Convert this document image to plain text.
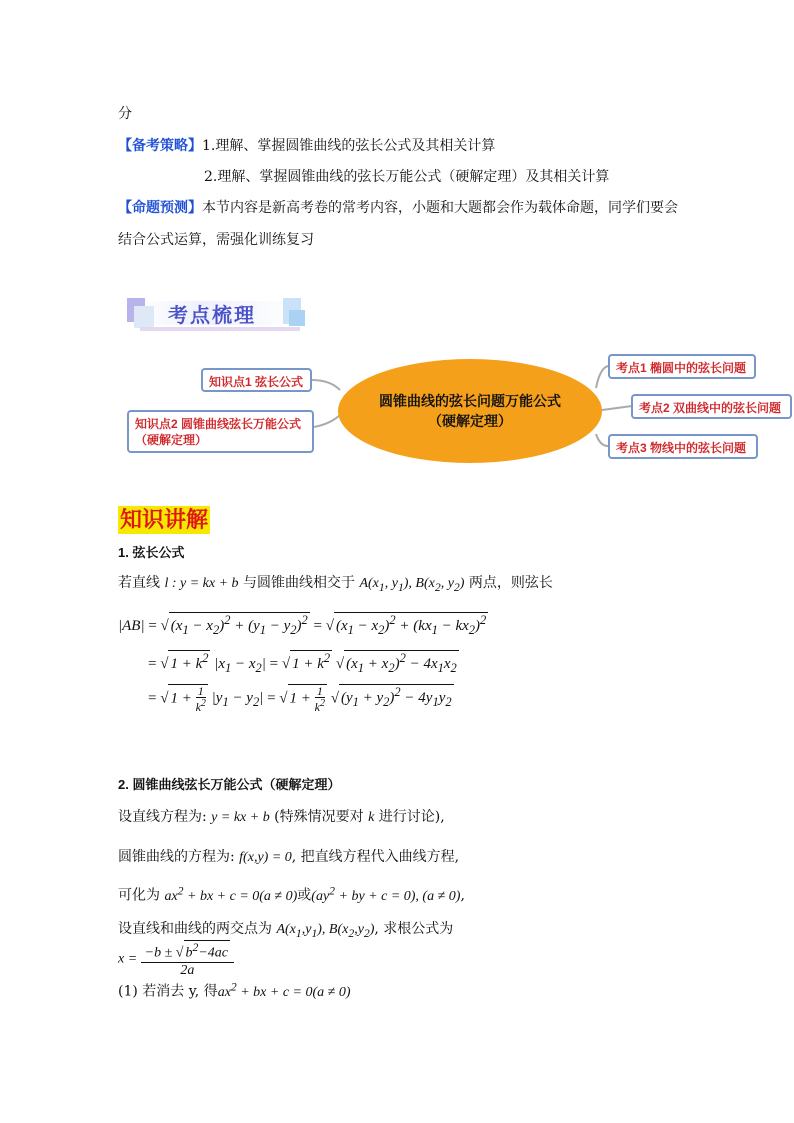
分
【备考策略】1.理解、掌握圆锥曲线的弦长公式及其相关计算
2.理解、掌握圆锥曲线的弦长万能公式（硬解定理）及其相关计算
【命题预测】本节内容是新高考卷的常考内容，小题和大题都会作为载体命题，同学们要会
结合公式运算，需强化训练复习
考点梳理
知识点1 弦长公式
知识点2 圆锥曲线弦长万能公式
（硬解定理）
圆锥曲线的弦长问题万能公式
（硬解定理）
考点1 椭圆中的弦长问题
考点2 双曲线中的弦长问题
考点3 物线中的弦长问题
知识讲解
1. 弦长公式
若直线 l : y = kx + b 与圆锥曲线相交于 $A(x_1$, $y_1$), $B(x_2$, $y_2$) 两点，则弦长
|AB| = √ $(x_1 - x_2)^2 + (y_1 - y_2)^2$ = √ $(x_1 - x_2)^2 + (kx_1 - kx_2)^2$
= √ $1 + k^2$ $|x_1 - x_2|$ = √ $1 + k^2$ √ $(x_1 + x_2)^2 - 4x_1x_2$
= √ $1 + \frac{1}{k^2} |y_1 - y_2|$ = √ $1 + \frac{1}{k^2}$ √ $(y_1 + y_2)^2 - 4y_1y_2$
2. 圆锥曲线弦长万能公式（硬解定理）
设直线方程为: y = kx + b (特殊情况要对 k 进行讨论),
圆锥曲线的方程为: f(x,y) = 0, 把直线方程代入曲线方程,
可化为 $ax^2$ + bx + c = 0(a ≠ 0)或($ay^2$ + by + c = 0), (a ≠ 0),
设直线和曲线的两交点为 $A(x_1,y_1)$, $B(x_2,y_2)$, 求根公式为
$x = \frac{-b \pm √ b^2-4ac}{2a}$
(1) 若消去 y, 得$ax^2$ + bx + c = 0(a ≠ 0)
